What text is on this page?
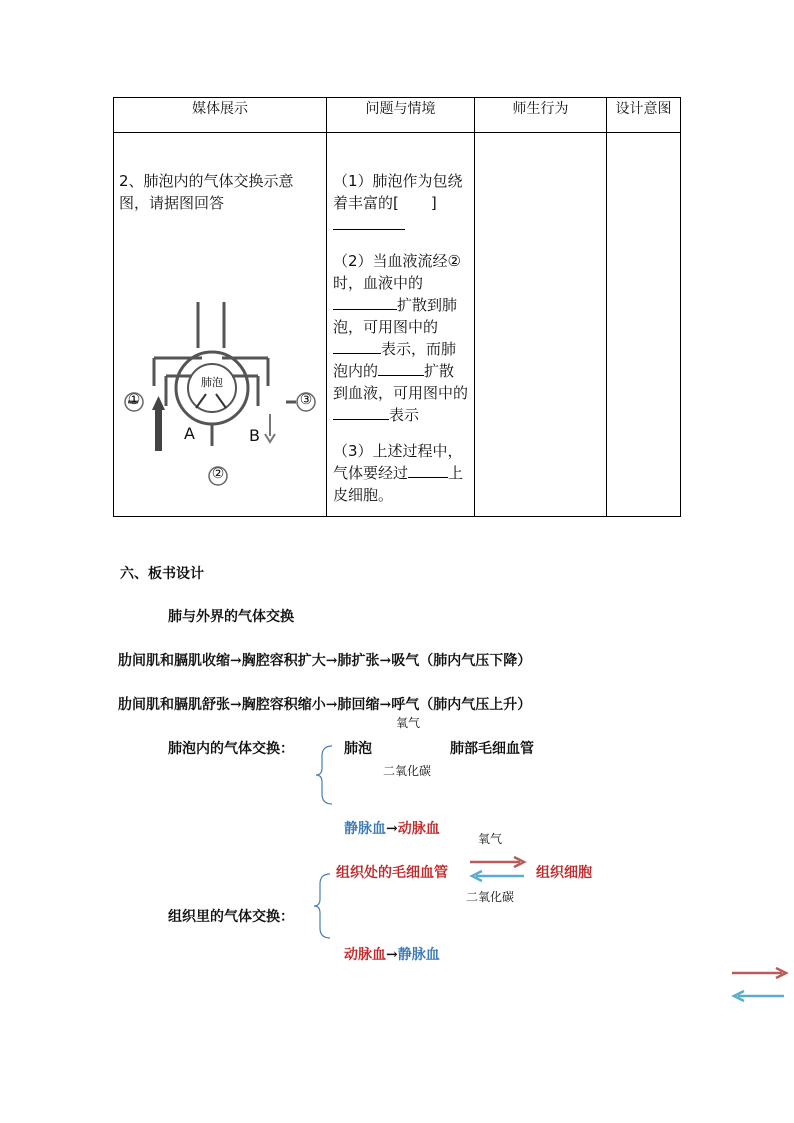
媒体展示	问题与情境	师生行为	设计意图
2、肺泡内的气体交换示意图，请据图回答
肺泡
①
②
③
A	B
（1）肺泡作为包绕着丰富的[ ]

（2）当血液流经②时，血液中的扩散到肺泡，可用图中的表示，而肺泡内的	扩散到血液，可用图中的表示
（3）上述过程中，气体要经过	上皮细胞。
六、板书设计
肺与外界的气体交换
肋间肌和膈肌收缩→胸腔容积扩大→肺扩张→吸气（肺内气压下降）
肋间肌和膈肌舒张→胸腔容积缩小→肺回缩→呼气（肺内气压上升）
氧气
肺泡内的气体交换：	肺泡	肺部毛细血管
二氧化碳
静脉血→动脉血
氧气
组织处的毛细血管	组织细胞
二氧化碳
组织里的气体交换：
动脉血→静脉血
